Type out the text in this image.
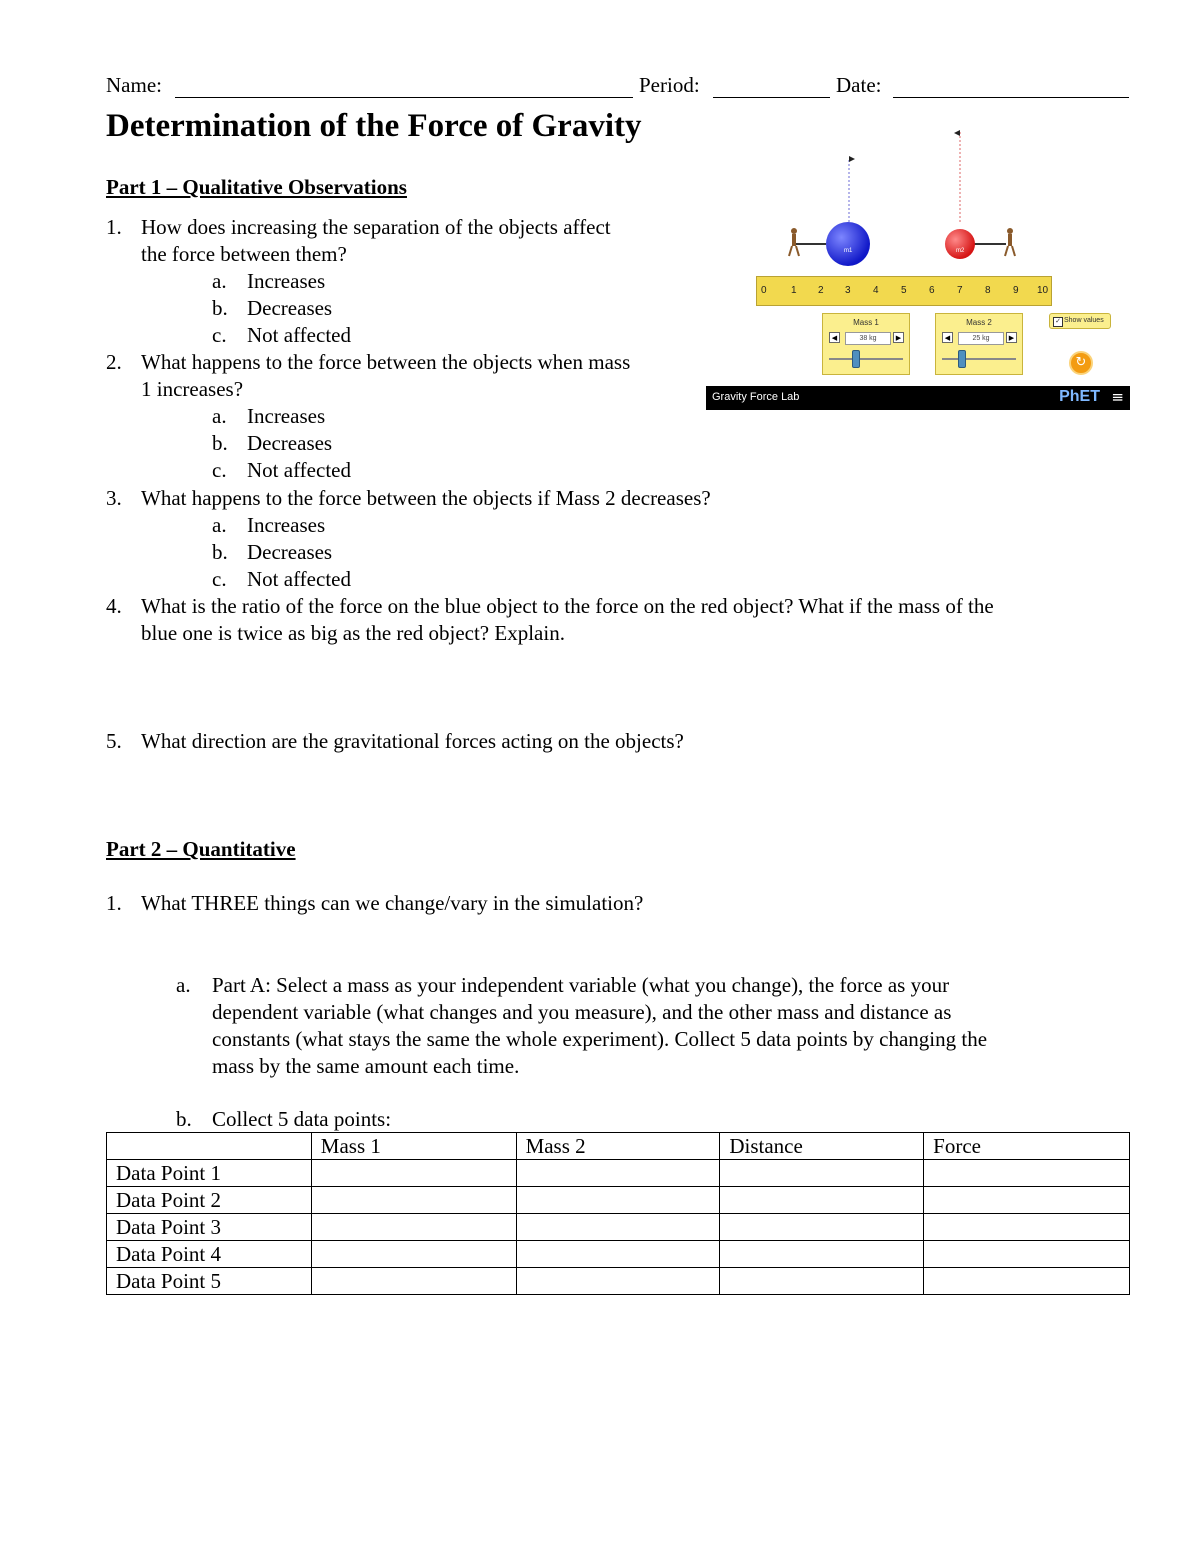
Name:	Period:	Date:
Determination of the Force of Gravity
Part 1 – Qualitative Observations
1. How does increasing the separation of the objects affect
the force between them?
a. Increases
b. Decreases
c. Not affected
2. What happens to the force between the objects when mass
1 increases?
a. Increases
b. Decreases
c. Not affected
3. What happens to the force between the objects if Mass 2 decreases?
a. Increases
b. Decreases
c. Not affected
4. What is the ratio of the force on the blue object to the force on the red object? What if the mass of the
blue one is twice as big as the red object? Explain.
5. What direction are the gravitational forces acting on the objects?
Part 2 – Quantitative
1. What THREE things can we change/vary in the simulation?
a. Part A: Select a mass as your independent variable (what you change), the force as your
dependent variable (what changes and you measure), and the other mass and distance as
constants (what stays the same the whole experiment). Collect 5 data points by changing the
mass by the same amount each time.
b. Collect 5 data points:
	Mass 1	Mass 2	Distance	Force
Data Point 1				
Data Point 2				
Data Point 3				
Data Point 4				
Data Point 5				
m1	m2
0 1 2 3 4 5 6 7 8 9 10
Mass 1
◀	38 kg	▶
Mass 2
◀	25 kg	▶
✓ Show values
↻
Gravity Force Lab	PhET ≡
